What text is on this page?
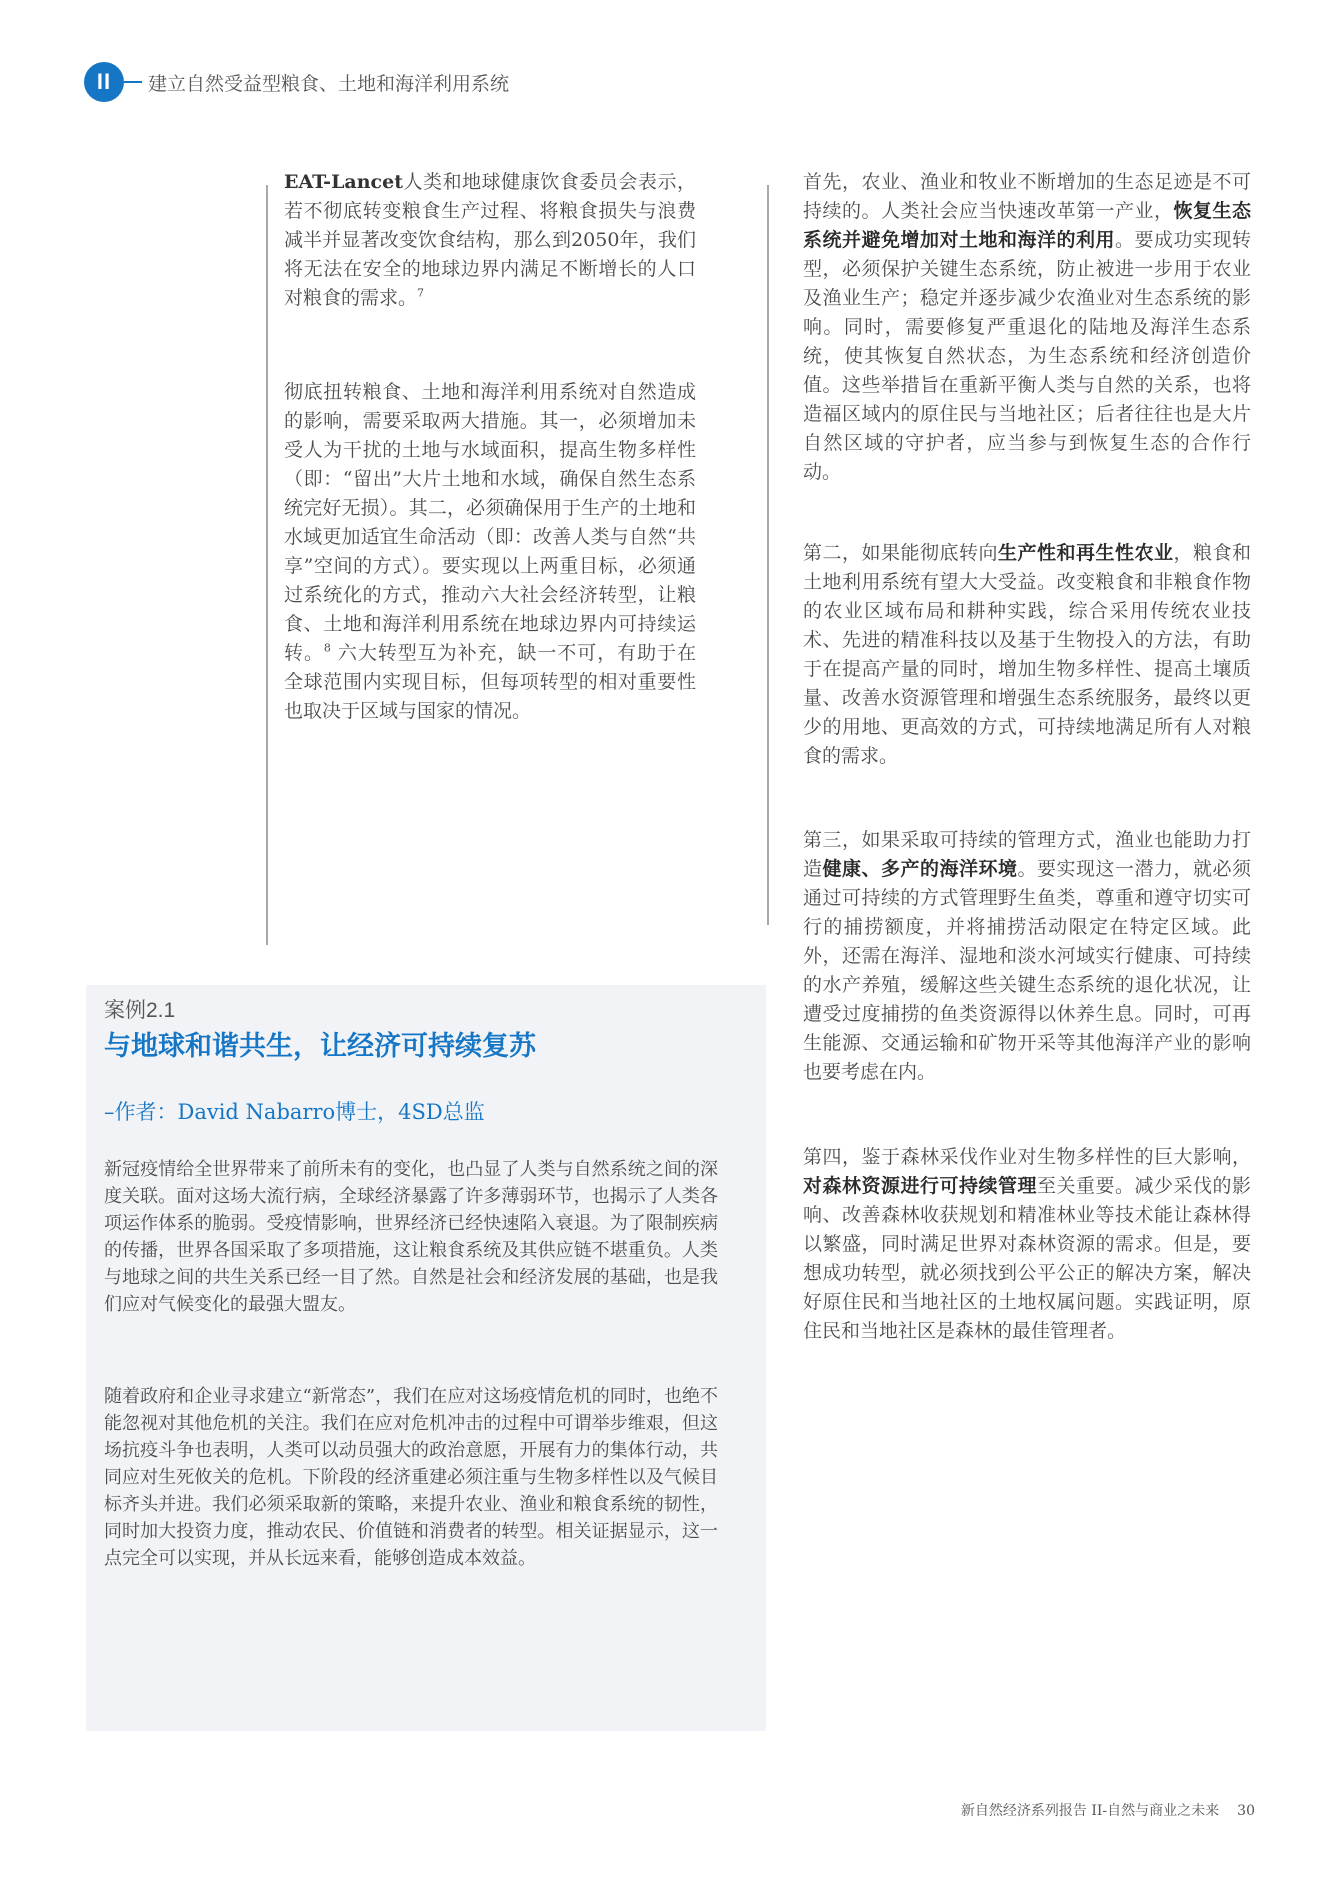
II	建立自然受益型粮食、土地和海洋利用系统

EAT-Lancet人类和地球健康饮食委员会表示，若不彻底转变粮食生产过程、将粮食损失与浪费减半并显著改变饮食结构，那么到2050年，我们将无法在安全的地球边界内满足不断增长的人口对粮食的需求。$^7$

彻底扭转粮食、土地和海洋利用系统对自然造成的影响，需要采取两大措施。其一，必须增加未受人为干扰的土地与水域面积，提高生物多样性（即：“留出”大片土地和水域，确保自然生态系统完好无损）。其二，必须确保用于生产的土地和水域更加适宜生命活动（即：改善人类与自然“共享”空间的方式）。要实现以上两重目标，必须通过系统化的方式，推动六大社会经济转型，让粮食、土地和海洋利用系统在地球边界内可持续运转。$^8$ 六大转型互为补充，缺一不可，有助于在全球范围内实现目标，但每项转型的相对重要性也取决于区域与国家的情况。

首先，农业、渔业和牧业不断增加的生态足迹是不可持续的。人类社会应当快速改革第一产业，恢复生态系统并避免增加对土地和海洋的利用。要成功实现转型，必须保护关键生态系统，防止被进一步用于农业及渔业生产；稳定并逐步减少农渔业对生态系统的影响。同时，需要修复严重退化的陆地及海洋生态系统，使其恢复自然状态，为生态系统和经济创造价值。这些举措旨在重新平衡人类与自然的关系，也将造福区域内的原住民与当地社区；后者往往也是大片自然区域的守护者，应当参与到恢复生态的合作行动。

第二，如果能彻底转向生产性和再生性农业，粮食和土地利用系统有望大大受益。改变粮食和非粮食作物的农业区域布局和耕种实践，综合采用传统农业技术、先进的精准科技以及基于生物投入的方法，有助于在提高产量的同时，增加生物多样性、提高土壤质量、改善水资源管理和增强生态系统服务，最终以更少的用地、更高效的方式，可持续地满足所有人对粮食的需求。

第三，如果采取可持续的管理方式，渔业也能助力打造健康、多产的海洋环境。要实现这一潜力，就必须通过可持续的方式管理野生鱼类，尊重和遵守切实可行的捕捞额度，并将捕捞活动限定在特定区域。此外，还需在海洋、湿地和淡水河域实行健康、可持续的水产养殖，缓解这些关键生态系统的退化状况，让遭受过度捕捞的鱼类资源得以休养生息。同时，可再生能源、交通运输和矿物开采等其他海洋产业的影响也要考虑在内。

第四，鉴于森林采伐作业对生物多样性的巨大影响，对森林资源进行可持续管理至关重要。减少采伐的影响、改善森林收获规划和精准林业等技术能让森林得以繁盛，同时满足世界对森林资源的需求。但是，要想成功转型，就必须找到公平公正的解决方案，解决好原住民和当地社区的土地权属问题。实践证明，原住民和当地社区是森林的最佳管理者。

案例2.1
与地球和谐共生，让经济可持续复苏
–作者：David Nabarro博士，4SD总监

新冠疫情给全世界带来了前所未有的变化，也凸显了人类与自然系统之间的深度关联。面对这场大流行病，全球经济暴露了许多薄弱环节，也揭示了人类各项运作体系的脆弱。受疫情影响，世界经济已经快速陷入衰退。为了限制疾病的传播，世界各国采取了多项措施，这让粮食系统及其供应链不堪重负。人类与地球之间的共生关系已经一目了然。自然是社会和经济发展的基础，也是我们应对气候变化的最强大盟友。

随着政府和企业寻求建立“新常态”，我们在应对这场疫情危机的同时，也绝不能忽视对其他危机的关注。我们在应对危机冲击的过程中可谓举步维艰，但这场抗疫斗争也表明，人类可以动员强大的政治意愿，开展有力的集体行动，共同应对生死攸关的危机。下阶段的经济重建必须注重与生物多样性以及气候目标齐头并进。我们必须采取新的策略，来提升农业、渔业和粮食系统的韧性，同时加大投资力度，推动农民、价值链和消费者的转型。相关证据显示，这一点完全可以实现，并从长远来看，能够创造成本效益。

新自然经济系列报告 II-自然与商业之未来 30
